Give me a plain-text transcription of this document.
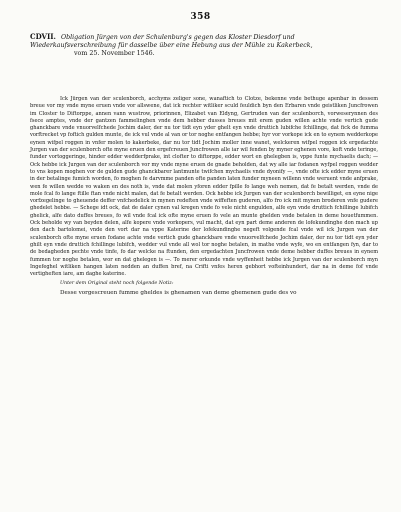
358
CDVII. Obligation Jürgen von der Schulenburg's gegen das Kloster Diesdorf und Wiederkaufsverschreibung für dasselbe über eine Hebung aus der Mühle zu Kakerbeck,
vom 25. November 1546.

Ick Jürgen van der sculenborch, acchyms zeliger sone, wanaftich to Clotze, bekenne vnde bethuge apenbar in dessem breue vor my vnde myne eruen vnde vor allswene, dat ick rechter witliker sculd feuldich byn den Erbaren vnde geistliken Juncfrowen im Closter to Diftorppe, annen vann wustrow, priorinnen, Elizabet van Eldyng, Gertruden van der sculenborch, vorweserynnen des fsece amptes, vnde der gantzen fammelinghen vnde dem hebber dusses breues mit erem guden willen achte vnde vertich gude ghanckbare vnde vnuorvelfchede Jochim daler, der nu tor tidt eyn yder ghelt eyn vnde druttich lubifche fchillinge, dat fick de fumma vorftrecket vp foftich gulden munte, de ick vul vnde al van or tor noghe entfangen hebbe; hyr vor vorkope ick en to eynem wedderkope eynen wifpel roggen in vnfer molen to kakerbeke, dar nu tor tidt Jochim moller inne wanet, welckeren wifpel roggen ick ergedachte Jurgen van der sculenborch ofte myne eruen den ergefcreuen Juncfrowen alle iar wil fenden by myner eghenen vore, koft vnde teringe, funder vortoggeringe, hinder edder wedderfprake, int clofter to diftorppe, edder wort en ghelegben is, vppe funte mychaelis dach; — Ock hebbe ick Jurgen van der sculenborch vor my vnde myne eruen de gnade beholden, dat wy alle iar fodanen wyfpel roggen wedder to vns kopen moghen vor de gulden gude ghanckbarer lantmunte twifchen mychaelis vnde dyonify —, vnde ofte ick edder myne eruen in der betalinge fumich worden, fo moghen fe darvmme panden ofte panden laten funder myneen willenn vnde weruent vnde anfprake, wen fe willen wedde vo waken en des noth is, vnde dat molen yforen edder fpille fo lange weh nemen, dat fe betalt werden, vnde de mole fcal fo lange ftille ftan vnde nicht malen, dat fe betalt werden. Ock hebbe ick Jurgen van der sculenborch bewilliget, en eyne nige vorfzegelinge to gheuende deffer vnfchedelick in mynen redeften vnde wiffeften guderen, alfo fro ick mit mynen broderen vnfe gudere ghedelet hebbe. — Schege idt ock, dat de daler cynen val kregen vnde fo vele nicht engulden, alfe eyn vnde druttich fchillinge lubifch ghelick, alfe dato duffes breues, fo wil vnde fcal ick ofte myne eruen fo vele an munte ghelden vnde betalen in deme houetfummen. Ock beholde wy van beyden delen, alfe kopere vnde vorkopers, vul macht, dat eyn part deme anderen de lofekundinghe don mach up den dach bartolomei, vnde den vort dar na vppe Katerine der lofekundinghe negeft volgende fcal vnde wil ick Jurgen van der sculenborch ofte myne eruen fodane achte vnde vertich gude ghanckbare vnde vnuorvelfchede Jochim daler, der nu tor tidt eyn yder ghilt eyn vnde druttich fchillinge lubifch, wedder vul vnde all wol tor noghe betalen, in mathe vnde wyfe, wo en entfangen fyn, dar to de bedagheden pechte vnde tinfe, fo dar welcke na ftunden, den ergedachten Juncfrowen vnde deme hebber duffes breues in eynem fummen tor noghe betalen, wor en dat ghelegen is —. To merer orkunde vnde wyffenheit hebbe ick Jurgen van der sculenborch myn Ingefeghel witliken hangen laten nedden an duffen bref, na Crifti vnfes heren gebhort vofteinhundert, dar na in deme fof vnde vertigheften iare, am daghe katerine.

Unter dem Original steht noch folgende Notiz:

Desse vorgescreuen fumme gheldes is ghenamen van deme ghemenen gude des vo
